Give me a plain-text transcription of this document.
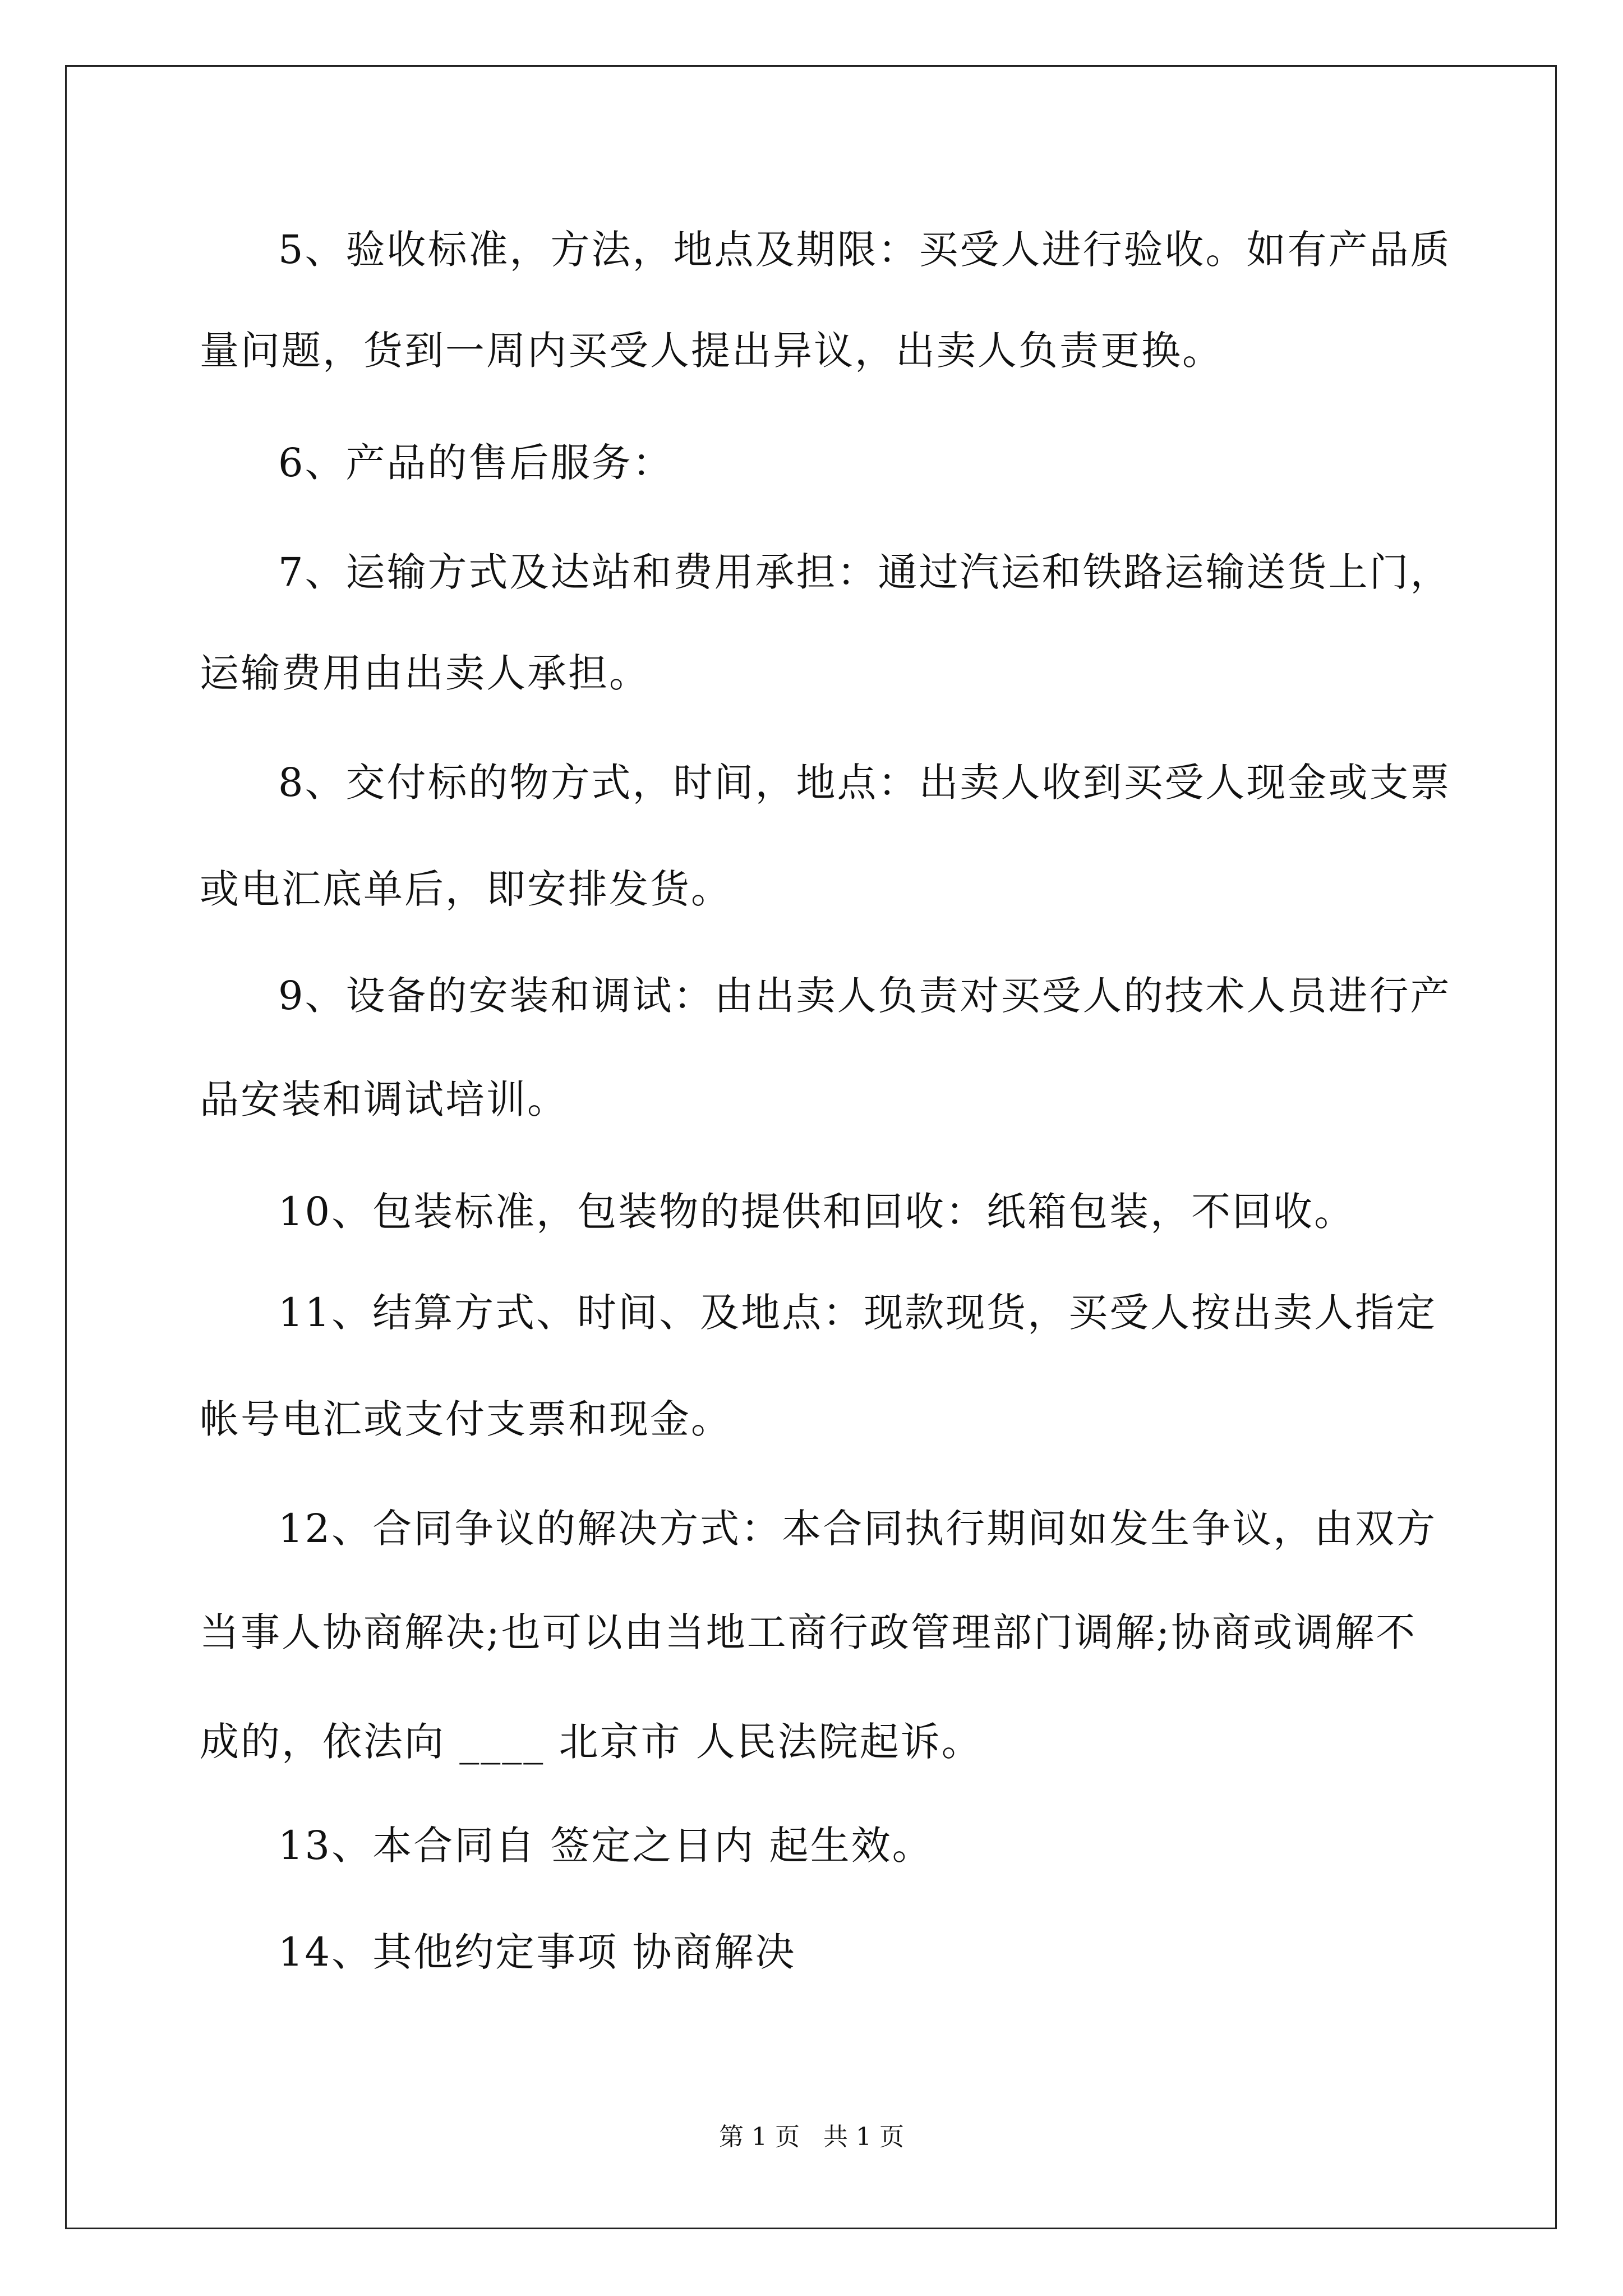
5、验收标准，方法，地点及期限：买受人进行验收。如有产品质
量问题，货到一周内买受人提出异议，出卖人负责更换。
6、产品的售后服务：
7、运输方式及达站和费用承担：通过汽运和铁路运输送货上门，
运输费用由出卖人承担。
8、交付标的物方式，时间，地点：出卖人收到买受人现金或支票
或电汇底单后，即安排发货。
9、设备的安装和调试：由出卖人负责对买受人的技术人员进行产
品安装和调试培训。
10、包装标准，包装物的提供和回收：纸箱包装，不回收。
11、结算方式、时间、及地点：现款现货，买受人按出卖人指定
帐号电汇或支付支票和现金。
12、合同争议的解决方式：本合同执行期间如发生争议，由双方
当事人协商解决;也可以由当地工商行政管理部门调解;协商或调解不
成的，依法向 ____ 北京市 人民法院起诉。
13、本合同自 签定之日内 起生效。
14、其他约定事项 协商解决
第 1 页   共 1 页
